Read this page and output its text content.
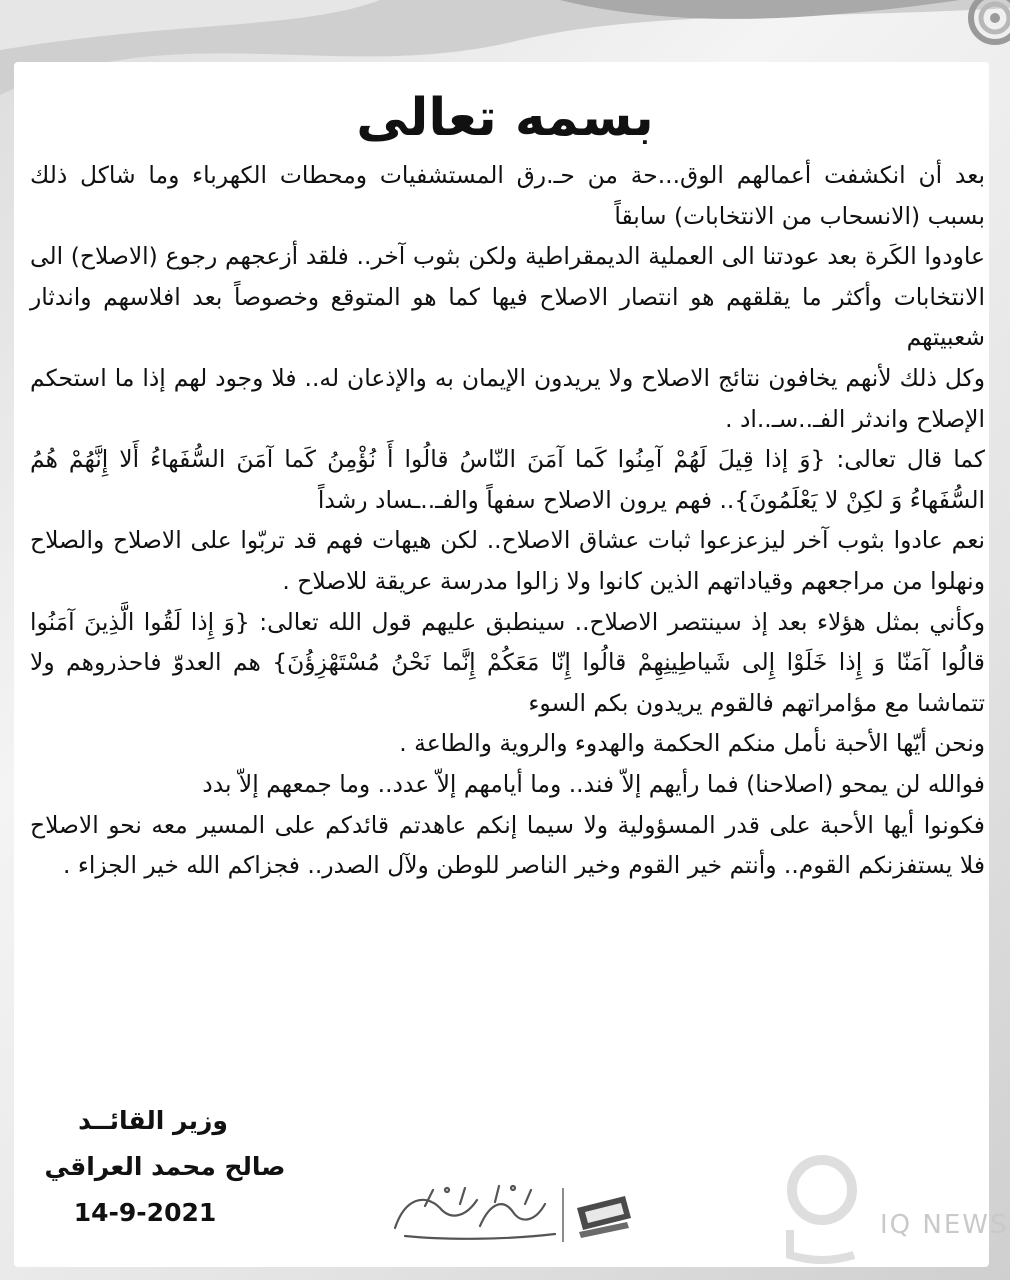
بسمه تعالى

بعد أن انكشفت أعمالهم الوق...حة من حـ.رق المستشفيات ومحطات الكهرباء وما شاكل ذلك بسبب (الانسحاب من الانتخابات) سابقاً

عاودوا الكَرة بعد عودتنا الى العملية الديمقراطية ولكن بثوب آخر.. فلقد أزعجهم رجوع (الاصلاح) الى الانتخابات وأكثر ما يقلقهم هو انتصار الاصلاح فيها كما هو المتوقع وخصوصاً بعد افلاسهم واندثار شعبيتهم

وكل ذلك لأنهم يخافون نتائج الاصلاح ولا يريدون الإيمان به والإذعان له.. فلا وجود لهم إذا ما استحكم الإصلاح واندثر الفـ..سـ..اد .

كما قال تعالى: {وَ إذا قِيلَ لَهُمْ آمِنُوا كَما آمَنَ النّاسُ قالُوا أَ نُؤْمِنُ كَما آمَنَ السُّفَهاءُ أَلا إِنَّهُمْ هُمُ السُّفَهاءُ وَ لكِنْ لا يَعْلَمُونَ}.. فهم يرون الاصلاح سفهاً والفـ..ـساد رشداً

نعم عادوا بثوب آخر ليزعزعوا ثبات عشاق الاصلاح.. لكن هيهات فهم قد تربّوا على الاصلاح والصلاح ونهلوا من مراجعهم وقياداتهم الذين كانوا ولا زالوا مدرسة عريقة للاصلاح .

وكأني بمثل هؤلاء بعد إذ سينتصر الاصلاح.. سينطبق عليهم قول الله تعالى: {وَ إِذا لَقُوا الَّذِينَ آمَنُوا قالُوا آمَنّا وَ إِذا خَلَوْا إِلى شَياطِينِهِمْ قالُوا إِنّا مَعَكُمْ إِنَّما نَحْنُ مُسْتَهْزِؤُنَ} هم العدوّ فاحذروهم ولا تتماشىا مع مؤامراتهم فالقوم يريدون بكم السوء

ونحن أيّها الأحبة نأمل منكم الحكمة والهدوء والروية والطاعة .

فوالله لن يمحو (اصلاحنا) فما رأيهم إلاّ فند.. وما أيامهم إلاّ عدد.. وما جمعهم إلاّ بدد

فكونوا أيها الأحبة على قدر المسؤولية ولا سيما إنكم عاهدتم قائدكم على المسير معه نحو الاصلاح فلا يستفزنكم القوم.. وأنتم خير القوم وخير الناصر للوطن ولآل الصدر.. فجزاكم الله خير الجزاء .

وزير القائــد
صالح محمد العراقي
14-9-2021	IQ NEWS
